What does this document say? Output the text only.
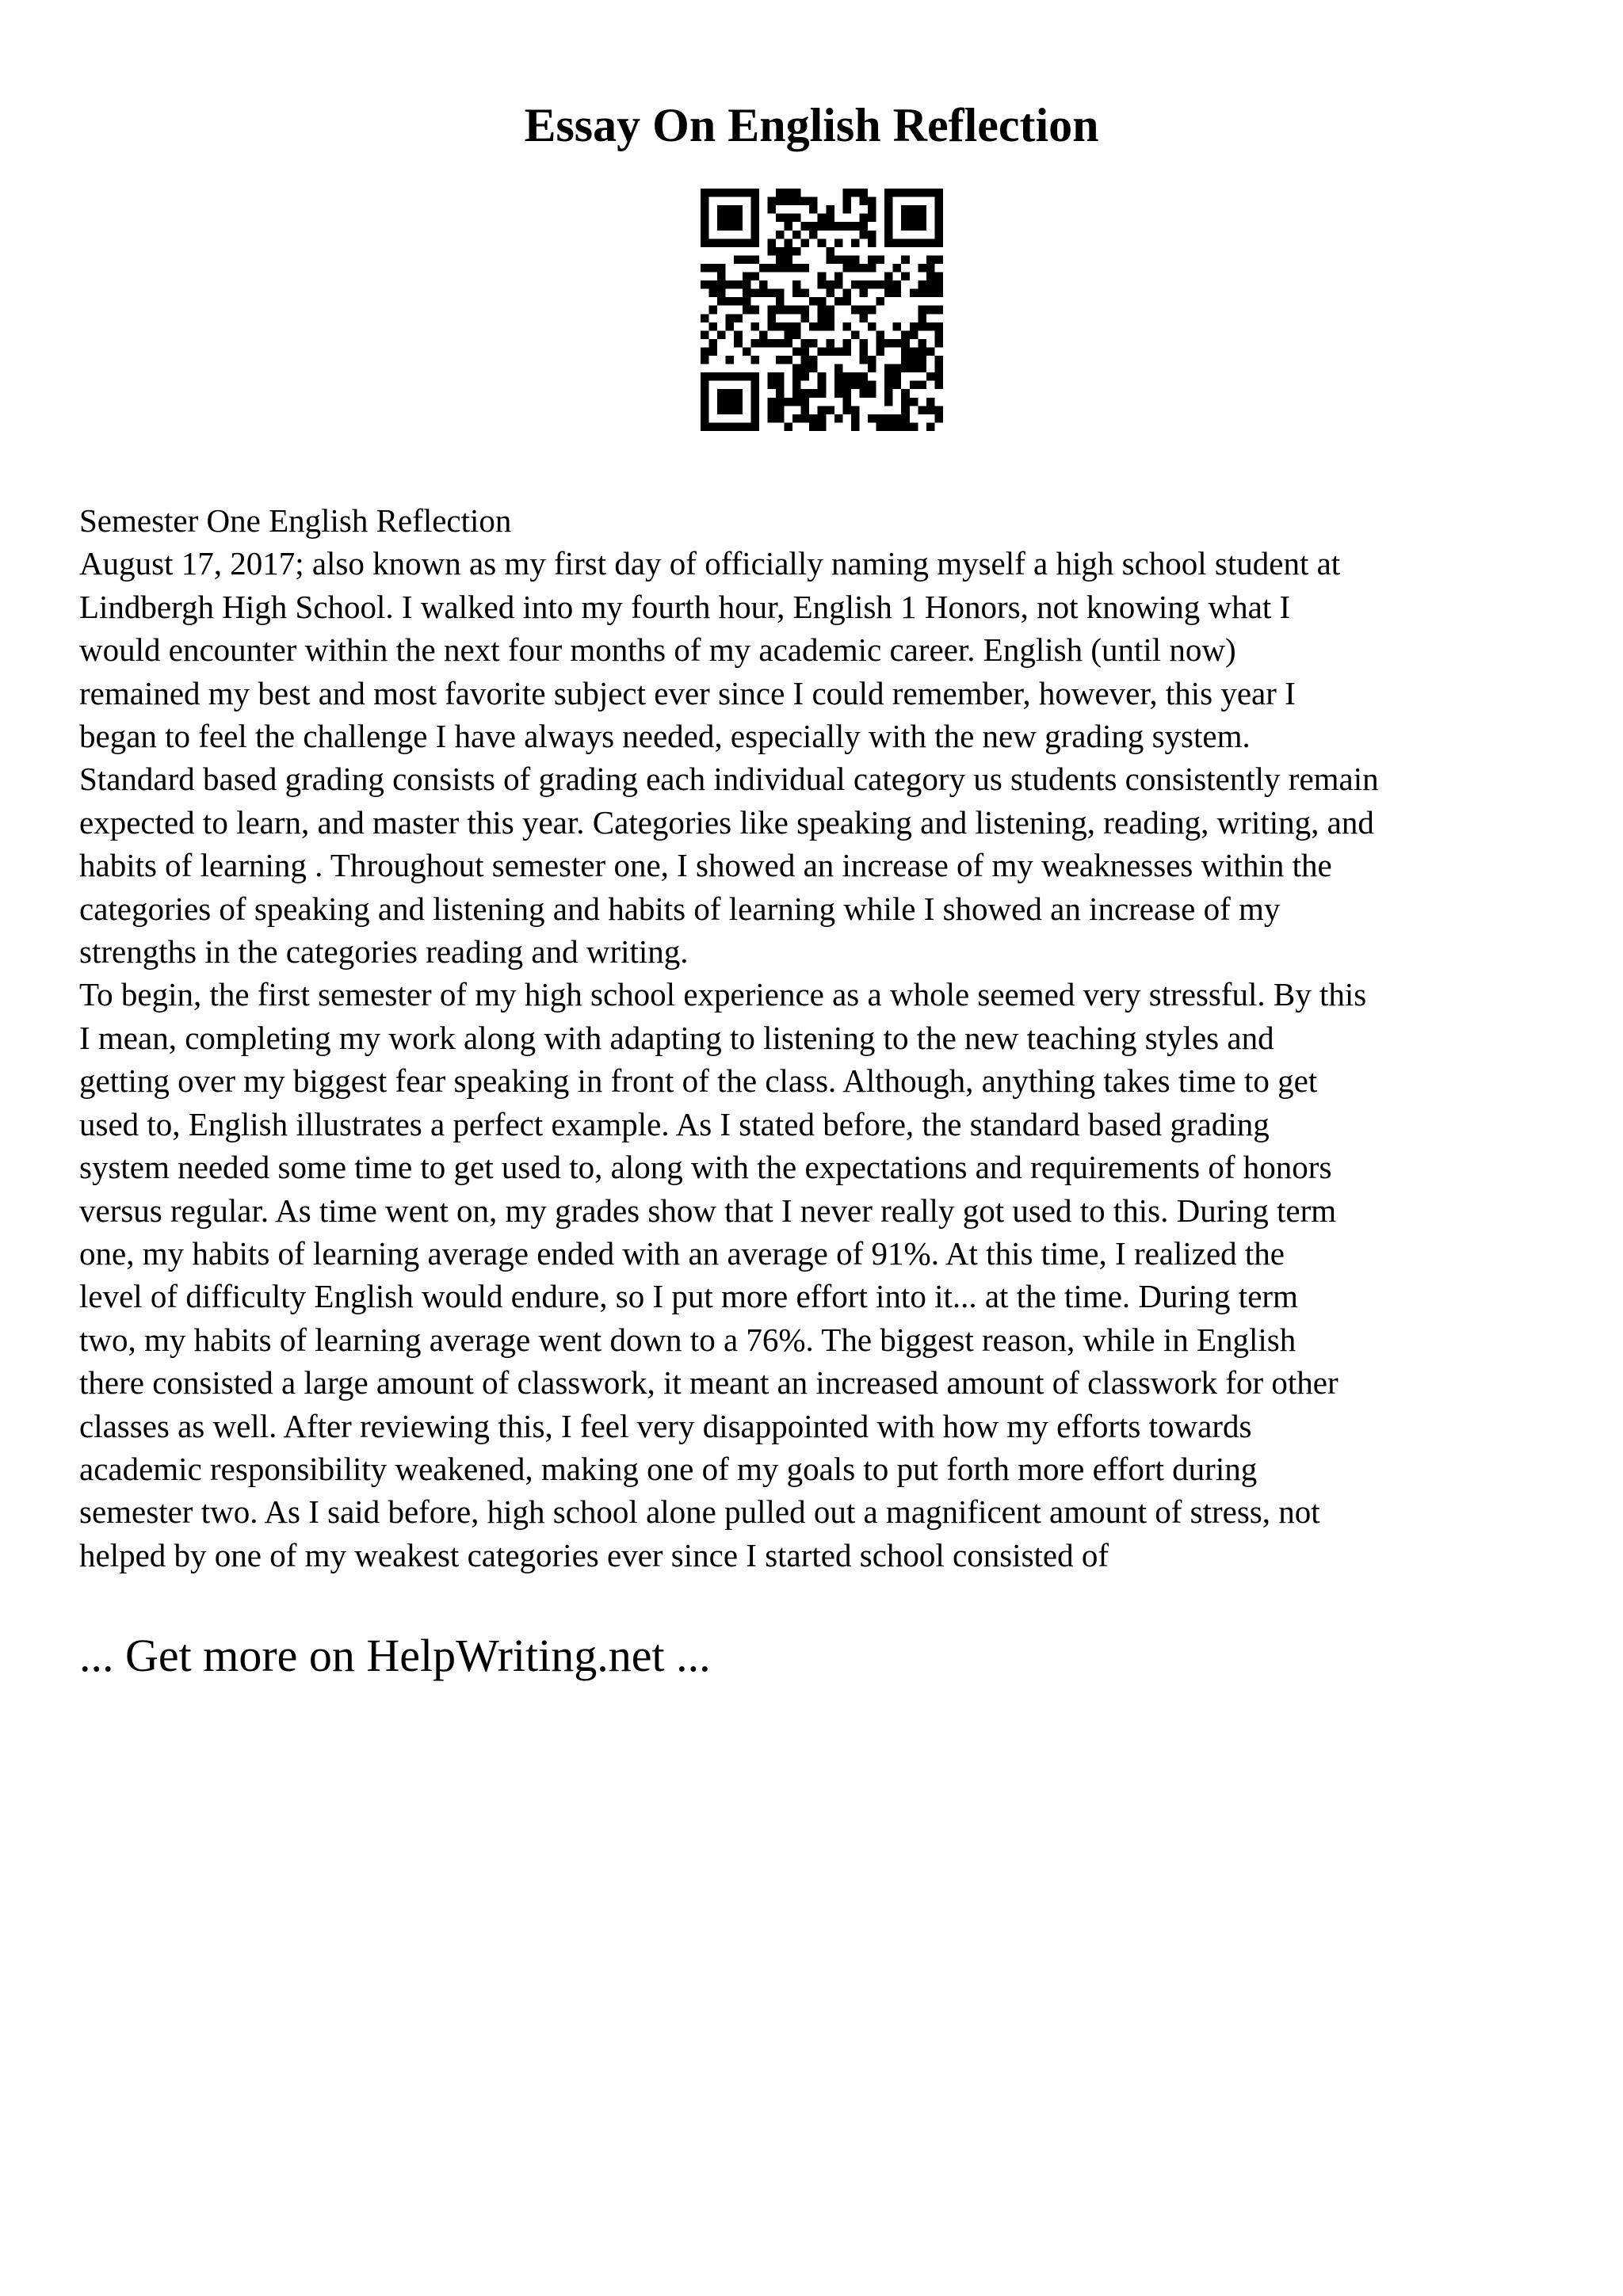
Essay On English Reflection

Semester One English Reflection

August 17, 2017; also known as my first day of officially naming myself a high school student at
Lindbergh High School. I walked into my fourth hour, English 1 Honors, not knowing what I
would encounter within the next four months of my academic career. English (until now)
remained my best and most favorite subject ever since I could remember, however, this year I
began to feel the challenge I have always needed, especially with the new grading system.
Standard based grading consists of grading each individual category us students consistently remain
expected to learn, and master this year. Categories like speaking and listening, reading, writing, and
habits of learning . Throughout semester one, I showed an increase of my weaknesses within the
categories of speaking and listening and habits of learning while I showed an increase of my
strengths in the categories reading and writing.

To begin, the first semester of my high school experience as a whole seemed very stressful. By this
I mean, completing my work along with adapting to listening to the new teaching styles and
getting over my biggest fear speaking in front of the class. Although, anything takes time to get
used to, English illustrates a perfect example. As I stated before, the standard based grading
system needed some time to get used to, along with the expectations and requirements of honors
versus regular. As time went on, my grades show that I never really got used to this. During term
one, my habits of learning average ended with an average of 91%. At this time, I realized the
level of difficulty English would endure, so I put more effort into it... at the time. During term
two, my habits of learning average went down to a 76%. The biggest reason, while in English
there consisted a large amount of classwork, it meant an increased amount of classwork for other
classes as well. After reviewing this, I feel very disappointed with how my efforts towards
academic responsibility weakened, making one of my goals to put forth more effort during
semester two. As I said before, high school alone pulled out a magnificent amount of stress, not
helped by one of my weakest categories ever since I started school consisted of

... Get more on HelpWriting.net ...
